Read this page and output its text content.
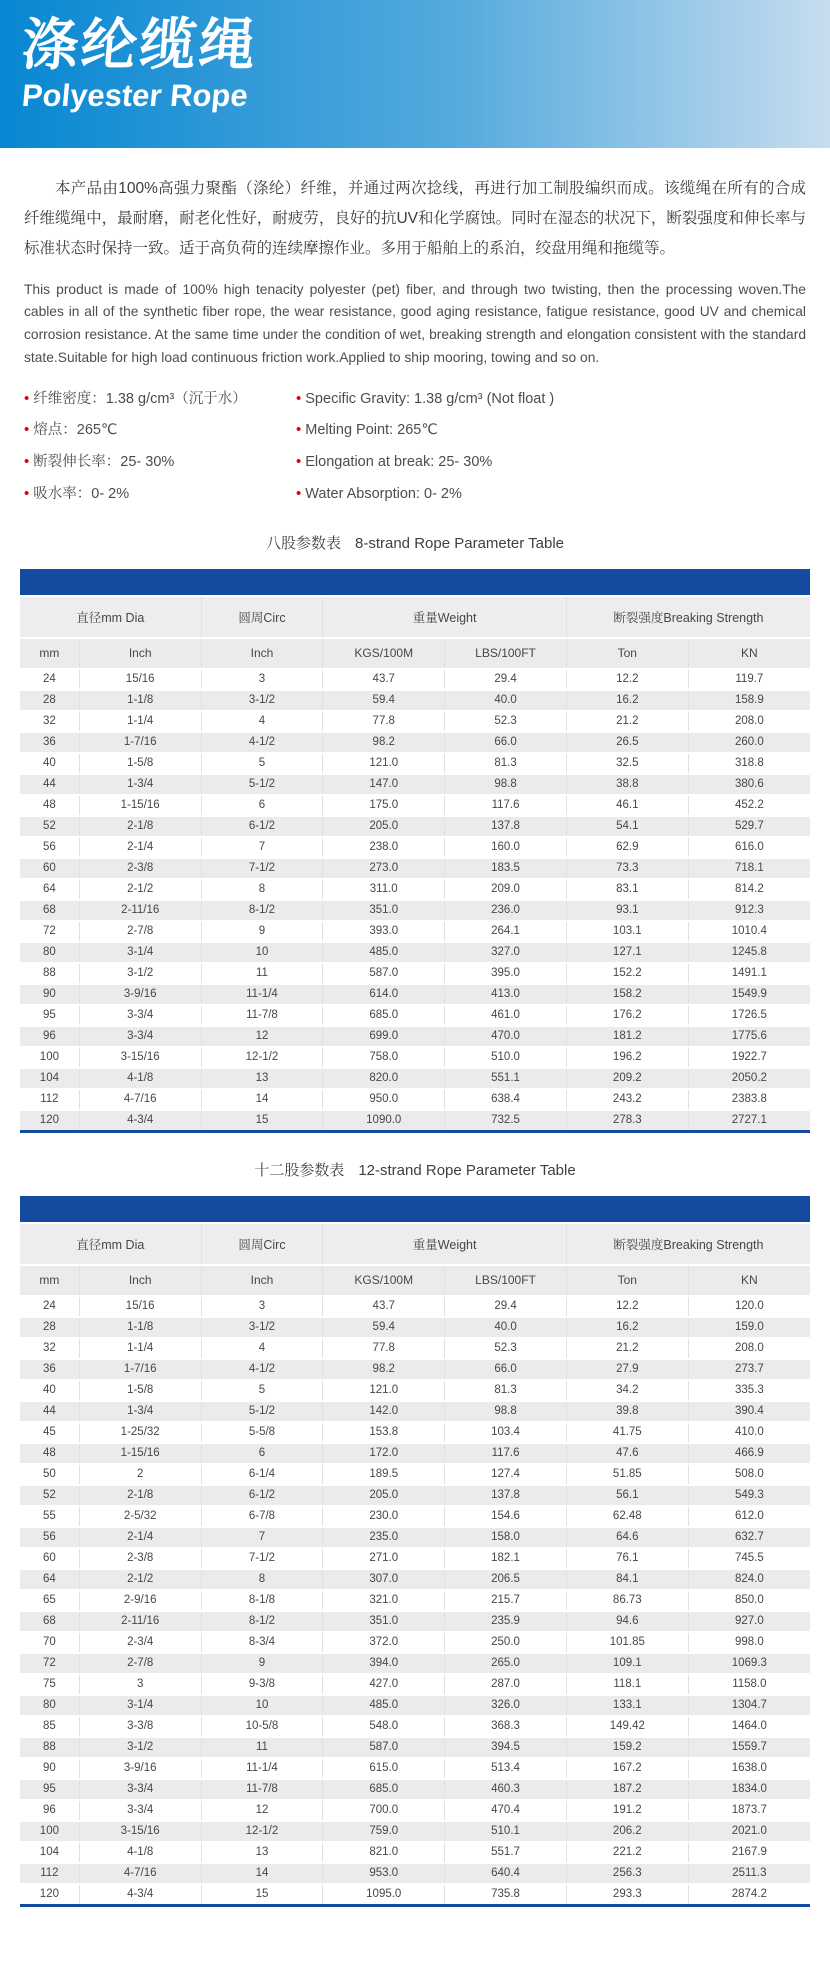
涤纶缆绳
Polyester Rope

本产品由100%高强力聚酯（涤纶）纤维，并通过两次捻线，再进行加工制股编织而成。该缆绳在所有的合成纤维缆绳中，最耐磨，耐老化性好，耐疲劳，良好的抗UV和化学腐蚀。同时在湿态的状况下，断裂强度和伸长率与标准状态时保持一致。适于高负荷的连续摩擦作业。多用于船舶上的系泊，绞盘用绳和拖缆等。

This product is made of 100% high tenacity polyester (pet) fiber, and through two twisting, then the processing woven.The cables in all of the synthetic fiber rope, the wear resistance, good aging resistance, fatigue resistance, good UV and chemical corrosion resistance. At the same time under the condition of wet, breaking strength and elongation consistent with the standard state.Suitable for high load continuous friction work.Applied to ship mooring, towing and so on.

• 纤维密度：1.38 g/cm³（沉于水）
• 熔点：265℃
• 断裂伸长率：25- 30%
• 吸水率：0- 2%
• Specific Gravity: 1.38 g/cm³ (Not float )
• Melting Point: 265℃
• Elongation at break: 25- 30%
• Water Absorption: 0- 2%
八股参数表 8-strand Rope Parameter Table
直径mm Dia		圆周Circ	重量Weight		断裂强度Breaking Strength	
mm	Inch	Inch	KGS/100M	LBS/100FT	Ton	KN
24	15/16	3	43.7	29.4	12.2	119.7
28	1-1/8	3-1/2	59.4	40.0	16.2	158.9
32	1-1/4	4	77.8	52.3	21.2	208.0
36	1-7/16	4-1/2	98.2	66.0	26.5	260.0
40	1-5/8	5	121.0	81.3	32.5	318.8
44	1-3/4	5-1/2	147.0	98.8	38.8	380.6
48	1-15/16	6	175.0	117.6	46.1	452.2
52	2-1/8	6-1/2	205.0	137.8	54.1	529.7
56	2-1/4	7	238.0	160.0	62.9	616.0
60	2-3/8	7-1/2	273.0	183.5	73.3	718.1
64	2-1/2	8	311.0	209.0	83.1	814.2
68	2-11/16	8-1/2	351.0	236.0	93.1	912.3
72	2-7/8	9	393.0	264.1	103.1	1010.4
80	3-1/4	10	485.0	327.0	127.1	1245.8
88	3-1/2	11	587.0	395.0	152.2	1491.1
90	3-9/16	11-1/4	614.0	413.0	158.2	1549.9
95	3-3/4	11-7/8	685.0	461.0	176.2	1726.5
96	3-3/4	12	699.0	470.0	181.2	1775.6
100	3-15/16	12-1/2	758.0	510.0	196.2	1922.7
104	4-1/8	13	820.0	551.1	209.2	2050.2
112	4-7/16	14	950.0	638.4	243.2	2383.8
120	4-3/4	15	1090.0	732.5	278.3	2727.1
十二股参数表 12-strand Rope Parameter Table
直径mm Dia		圆周Circ	重量Weight		断裂强度Breaking Strength	
mm	Inch	Inch	KGS/100M	LBS/100FT	Ton	KN
24	15/16	3	43.7	29.4	12.2	120.0
28	1-1/8	3-1/2	59.4	40.0	16.2	159.0
32	1-1/4	4	77.8	52.3	21.2	208.0
36	1-7/16	4-1/2	98.2	66.0	27.9	273.7
40	1-5/8	5	121.0	81.3	34.2	335.3
44	1-3/4	5-1/2	142.0	98.8	39.8	390.4
45	1-25/32	5-5/8	153.8	103.4	41.75	410.0
48	1-15/16	6	172.0	117.6	47.6	466.9
50	2	6-1/4	189.5	127.4	51.85	508.0
52	2-1/8	6-1/2	205.0	137.8	56.1	549.3
55	2-5/32	6-7/8	230.0	154.6	62.48	612.0
56	2-1/4	7	235.0	158.0	64.6	632.7
60	2-3/8	7-1/2	271.0	182.1	76.1	745.5
64	2-1/2	8	307.0	206.5	84.1	824.0
65	2-9/16	8-1/8	321.0	215.7	86.73	850.0
68	2-11/16	8-1/2	351.0	235.9	94.6	927.0
70	2-3/4	8-3/4	372.0	250.0	101.85	998.0
72	2-7/8	9	394.0	265.0	109.1	1069.3
75	3	9-3/8	427.0	287.0	118.1	1158.0
80	3-1/4	10	485.0	326.0	133.1	1304.7
85	3-3/8	10-5/8	548.0	368.3	149.42	1464.0
88	3-1/2	11	587.0	394.5	159.2	1559.7
90	3-9/16	11-1/4	615.0	513.4	167.2	1638.0
95	3-3/4	11-7/8	685.0	460.3	187.2	1834.0
96	3-3/4	12	700.0	470.4	191.2	1873.7
100	3-15/16	12-1/2	759.0	510.1	206.2	2021.0
104	4-1/8	13	821.0	551.7	221.2	2167.9
112	4-7/16	14	953.0	640.4	256.3	2511.3
120	4-3/4	15	1095.0	735.8	293.3	2874.2
